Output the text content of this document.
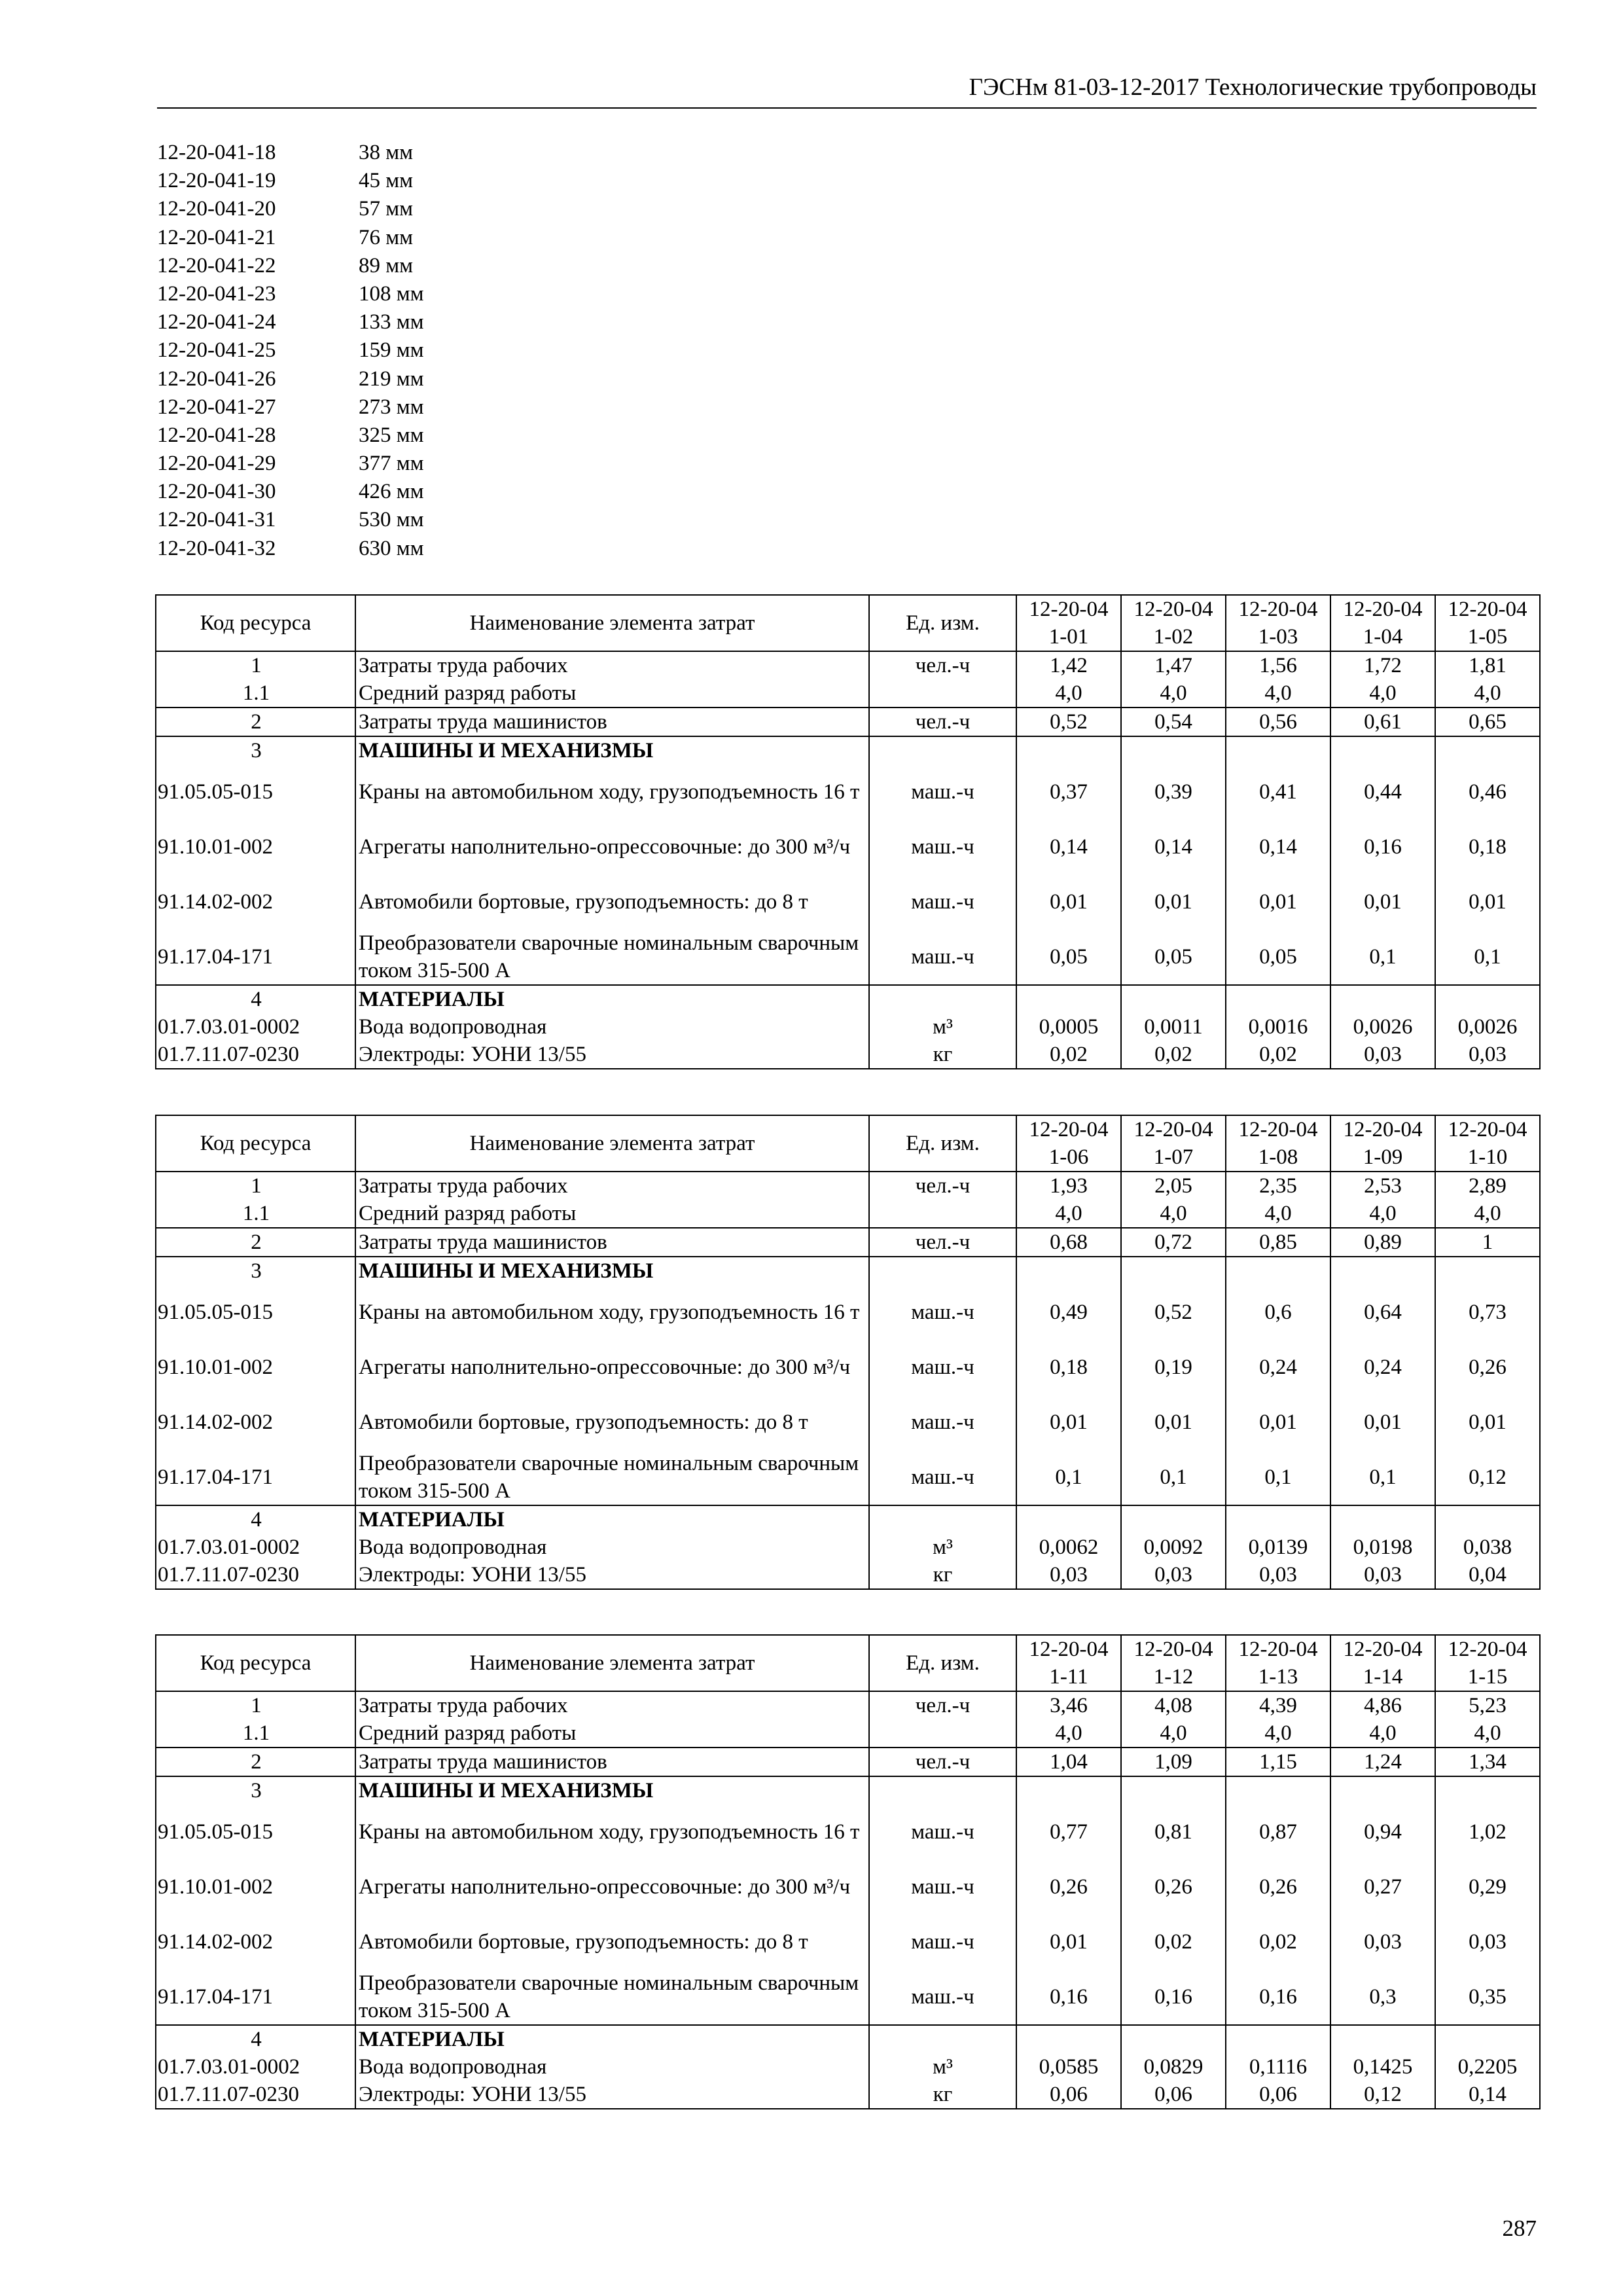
ГЭСНм 81-03-12-2017 Технологические трубопроводы
12-20-041-18	38 мм
12-20-041-19	45 мм
12-20-041-20	57 мм
12-20-041-21	76 мм
12-20-041-22	89 мм
12-20-041-23	108 мм
12-20-041-24	133 мм
12-20-041-25	159 мм
12-20-041-26	219 мм
12-20-041-27	273 мм
12-20-041-28	325 мм
12-20-041-29	377 мм
12-20-041-30	426 мм
12-20-041-31	530 мм
12-20-041-32	630 мм
Код ресурса	Наименование элемента затрат	Ед. изм.	12-20-041-01	12-20-041-02	12-20-041-03	12-20-041-04	12-20-041-05
1	Затраты труда рабочих	чел.-ч	1,42	1,47	1,56	1,72	1,81
1.1	Средний разряд работы		4,0	4,0	4,0	4,0	4,0
2	Затраты труда машинистов	чел.-ч	0,52	0,54	0,56	0,61	0,65
3	МАШИНЫ И МЕХАНИЗМЫ						
91.05.05-015	Краны на автомобильном ходу, грузоподъемность 16 т	маш.-ч	0,37	0,39	0,41	0,44	0,46
91.10.01-002	Агрегаты наполнительно-опрессовочные: до 300 м³/ч	маш.-ч	0,14	0,14	0,14	0,16	0,18
91.14.02-002	Автомобили бортовые, грузоподъемность: до 8 т	маш.-ч	0,01	0,01	0,01	0,01	0,01
91.17.04-171	Преобразователи сварочные номинальным сварочным током 315-500 А	маш.-ч	0,05	0,05	0,05	0,1	0,1
4	МАТЕРИАЛЫ						
01.7.03.01-0002	Вода водопроводная	м³	0,0005	0,0011	0,0016	0,0026	0,0026
01.7.11.07-0230	Электроды: УОНИ 13/55	кг	0,02	0,02	0,02	0,03	0,03
Код ресурса	Наименование элемента затрат	Ед. изм.	12-20-041-06	12-20-041-07	12-20-041-08	12-20-041-09	12-20-041-10
1	Затраты труда рабочих	чел.-ч	1,93	2,05	2,35	2,53	2,89
1.1	Средний разряд работы		4,0	4,0	4,0	4,0	4,0
2	Затраты труда машинистов	чел.-ч	0,68	0,72	0,85	0,89	1
3	МАШИНЫ И МЕХАНИЗМЫ						
91.05.05-015	Краны на автомобильном ходу, грузоподъемность 16 т	маш.-ч	0,49	0,52	0,6	0,64	0,73
91.10.01-002	Агрегаты наполнительно-опрессовочные: до 300 м³/ч	маш.-ч	0,18	0,19	0,24	0,24	0,26
91.14.02-002	Автомобили бортовые, грузоподъемность: до 8 т	маш.-ч	0,01	0,01	0,01	0,01	0,01
91.17.04-171	Преобразователи сварочные номинальным сварочным током 315-500 А	маш.-ч	0,1	0,1	0,1	0,1	0,12
4	МАТЕРИАЛЫ						
01.7.03.01-0002	Вода водопроводная	м³	0,0062	0,0092	0,0139	0,0198	0,038
01.7.11.07-0230	Электроды: УОНИ 13/55	кг	0,03	0,03	0,03	0,03	0,04
Код ресурса	Наименование элемента затрат	Ед. изм.	12-20-041-11	12-20-041-12	12-20-041-13	12-20-041-14	12-20-041-15
1	Затраты труда рабочих	чел.-ч	3,46	4,08	4,39	4,86	5,23
1.1	Средний разряд работы		4,0	4,0	4,0	4,0	4,0
2	Затраты труда машинистов	чел.-ч	1,04	1,09	1,15	1,24	1,34
3	МАШИНЫ И МЕХАНИЗМЫ						
91.05.05-015	Краны на автомобильном ходу, грузоподъемность 16 т	маш.-ч	0,77	0,81	0,87	0,94	1,02
91.10.01-002	Агрегаты наполнительно-опрессовочные: до 300 м³/ч	маш.-ч	0,26	0,26	0,26	0,27	0,29
91.14.02-002	Автомобили бортовые, грузоподъемность: до 8 т	маш.-ч	0,01	0,02	0,02	0,03	0,03
91.17.04-171	Преобразователи сварочные номинальным сварочным током 315-500 А	маш.-ч	0,16	0,16	0,16	0,3	0,35
4	МАТЕРИАЛЫ						
01.7.03.01-0002	Вода водопроводная	м³	0,0585	0,0829	0,1116	0,1425	0,2205
01.7.11.07-0230	Электроды: УОНИ 13/55	кг	0,06	0,06	0,06	0,12	0,14
287
